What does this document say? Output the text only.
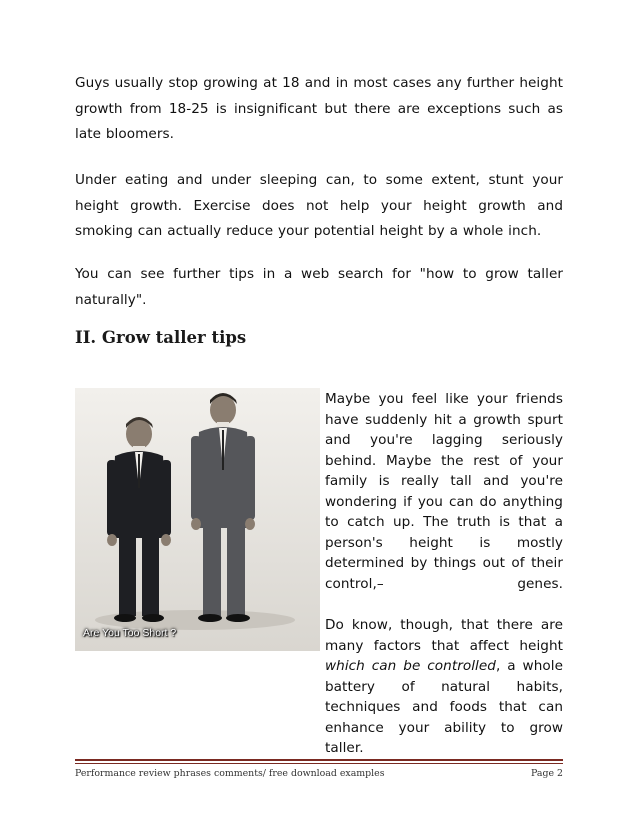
Guys usually stop growing at 18 and in most cases any further height growth from 18-25 is insignificant but there are exceptions such as late bloomers.

Under eating and under sleeping can, to some extent, stunt your height growth. Exercise does not help your height growth and smoking can actually reduce your potential height by a whole inch.

You can see further tips in a web search for "how to grow taller naturally".

II. Grow taller tips
Are You Too Short ?

Maybe you feel like your friends have suddenly hit a growth spurt and you're lagging seriously behind. Maybe the rest of your family is really tall and you're wondering if you can do anything to catch up. The truth is that a person's height is mostly determined by things out of their control,– genes.

Do know, though, that there are many factors that affect height which can be controlled, a whole battery of natural habits, techniques and foods that can enhance your ability to grow taller.

Performance review phrases comments/ free download examples	Page 2
